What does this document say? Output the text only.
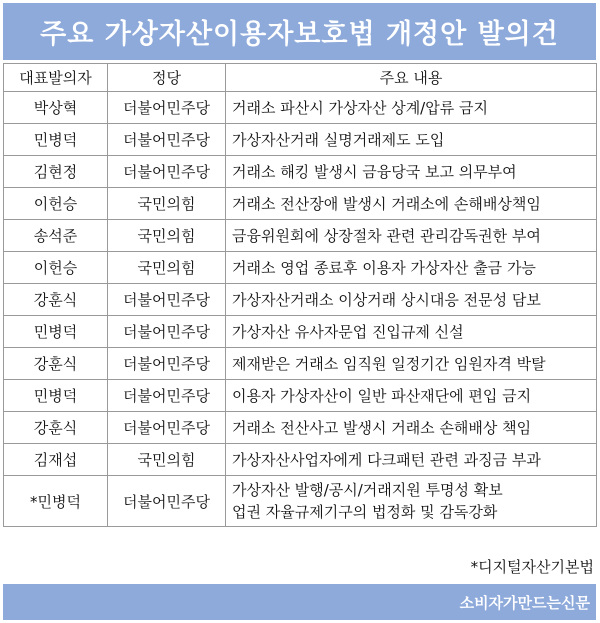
주요 가상자산이용자보호법 개정안 발의건
대표발의자	정당	주요 내용
박상혁	더불어민주당	거래소 파산시 가상자산 상계/압류 금지

민병덕	더불어민주당	가상자산거래 실명거래제도 도입

김현정	더불어민주당	거래소 해킹 발생시 금융당국 보고 의무부여

이헌승	국민의힘	거래소 전산장애 발생시 거래소에 손해배상책임

송석준	국민의힘	금융위원회에 상장절차 관련 관리감독권한 부여

이헌승	국민의힘	거래소 영업 종료후 이용자 가상자산 출금 가능

강훈식	더불어민주당	가상자산거래소 이상거래 상시대응 전문성 담보

민병덕	더불어민주당	가상자산 유사자문업 진입규제 신설

강훈식	더불어민주당	제재받은 거래소 임직원 일정기간 임원자격 박탈

민병덕	더불어민주당	이용자 가상자산이 일반 파산재단에 편입 금지

강훈식	더불어민주당	거래소 전산사고 발생시 거래소 손해배상 책임

김재섭	국민의힘	가상자산사업자에게 다크패턴 관련 과징금 부과

*민병덕	더불어민주당	가상자산 발행/공시/거래지원 투명성 확보
업권 자율규제기구의 법정화 및 감독강화
*디지털자산기본법
소비자가만드는신문
